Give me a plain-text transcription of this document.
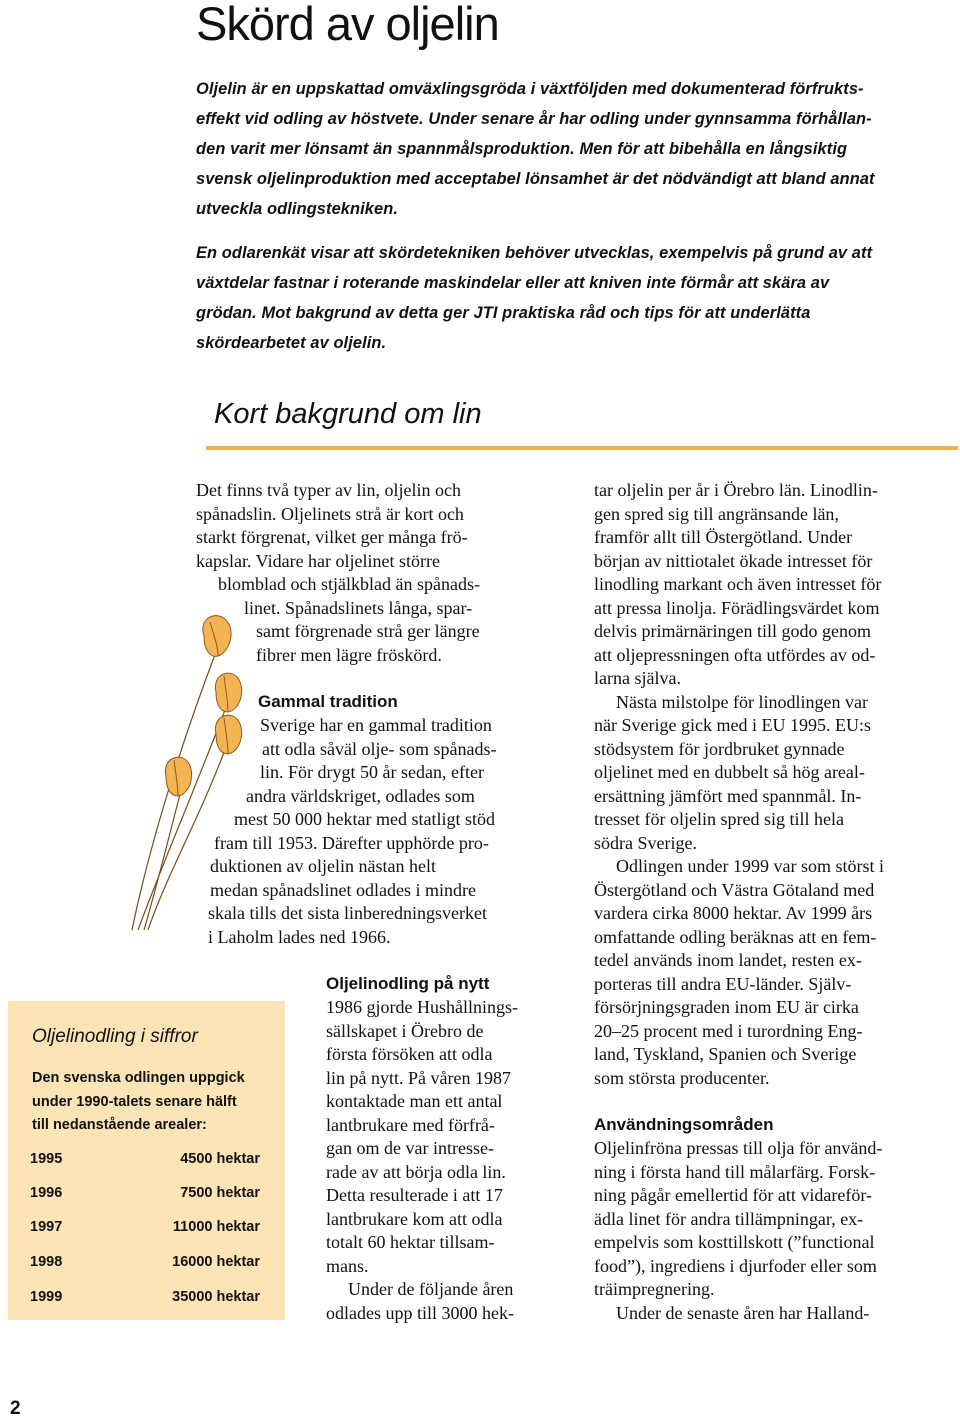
Skörd av oljelin
Oljelin är en uppskattad omväxlingsgröda i växtföljden med dokumenterad förfrukts-
effekt vid odling av höstvete. Under senare år har odling under gynnsamma förhållan-
den varit mer lönsamt än spannmålsproduktion. Men för att bibehålla en långsiktig
svensk oljelinproduktion med acceptabel lönsamhet är det nödvändigt att bland annat
utveckla odlingstekniken.
En odlarenkät visar att skördetekniken behöver utvecklas, exempelvis på grund av att
växtdelar fastnar i roterande maskindelar eller att kniven inte förmår att skära av
grödan. Mot bakgrund av detta ger JTI praktiska råd och tips för att underlätta
skördearbetet av oljelin.
Kort bakgrund om lin
Det finns två typer av lin, oljelin och
spånadslin. Oljelinets strå är kort och
starkt förgrenat, vilket ger många frö-
kapslar. Vidare har oljelinet större
blomblad och stjälkblad än spånads-
linet. Spånadslinets långa, spar-
samt förgrenade strå ger längre
fibrer men lägre fröskörd.
Gammal tradition
Sverige har en gammal tradition
att odla såväl olje- som spånads-
lin. För drygt 50 år sedan, efter
andra världskriget, odlades som
mest 50 000 hektar med statligt stöd
fram till 1953. Därefter upphörde pro-
duktionen av oljelin nästan helt
medan spånadslinet odlades i mindre
skala tills det sista linberedningsverket
i Laholm lades ned 1966.
Oljelinodling på nytt
1986 gjorde Hushållnings-
sällskapet i Örebro de
första försöken att odla
lin på nytt. På våren 1987
kontaktade man ett antal
lantbrukare med förfrå-
gan om de var intresse-
rade av att börja odla lin.
Detta resulterade i att 17
lantbrukare kom att odla
totalt 60 hektar tillsam-
mans.
Under de följande åren
odlades upp till 3000 hek-
tar oljelin per år i Örebro län. Linodlin-
gen spred sig till angränsande län,
framför allt till Östergötland. Under
början av nittiotalet ökade intresset för
linodling markant och även intresset för
att pressa linolja. Förädlingsvärdet kom
delvis primärnäringen till godo genom
att oljepressningen ofta utfördes av od-
larna själva.
Nästa milstolpe för linodlingen var
när Sverige gick med i EU 1995. EU:s
stödsystem för jordbruket gynnade
oljelinet med en dubbelt så hög areal-
ersättning jämfört med spannmål. In-
tresset för oljelin spred sig till hela
södra Sverige.
Odlingen under 1999 var som störst i
Östergötland och Västra Götaland med
vardera cirka 8000 hektar. Av 1999 års
omfattande odling beräknas att en fem-
tedel används inom landet, resten ex-
porteras till andra EU-länder. Själv-
försörjningsgraden inom EU är cirka
20–25 procent med i turordning Eng-
land, Tyskland, Spanien och Sverige
som största producenter.
Användningsområden
Oljelinfröna pressas till olja för använd-
ning i första hand till målarfärg. Forsk-
ning pågår emellertid för att vidareför-
ädla linet för andra tillämpningar, ex-
empelvis som kosttillskott (”functional
food”), ingrediens i djurfoder eller som
träimpregnering.
Under de senaste åren har Halland-

Oljelinodling i siffror

Den svenska odlingen uppgick
under 1990-talets senare hälft
till nedanstående arealer:
1995	4500 hektar
1996	7500 hektar
1997	11000 hektar
1998	16000 hektar
1999	35000 hektar
2
